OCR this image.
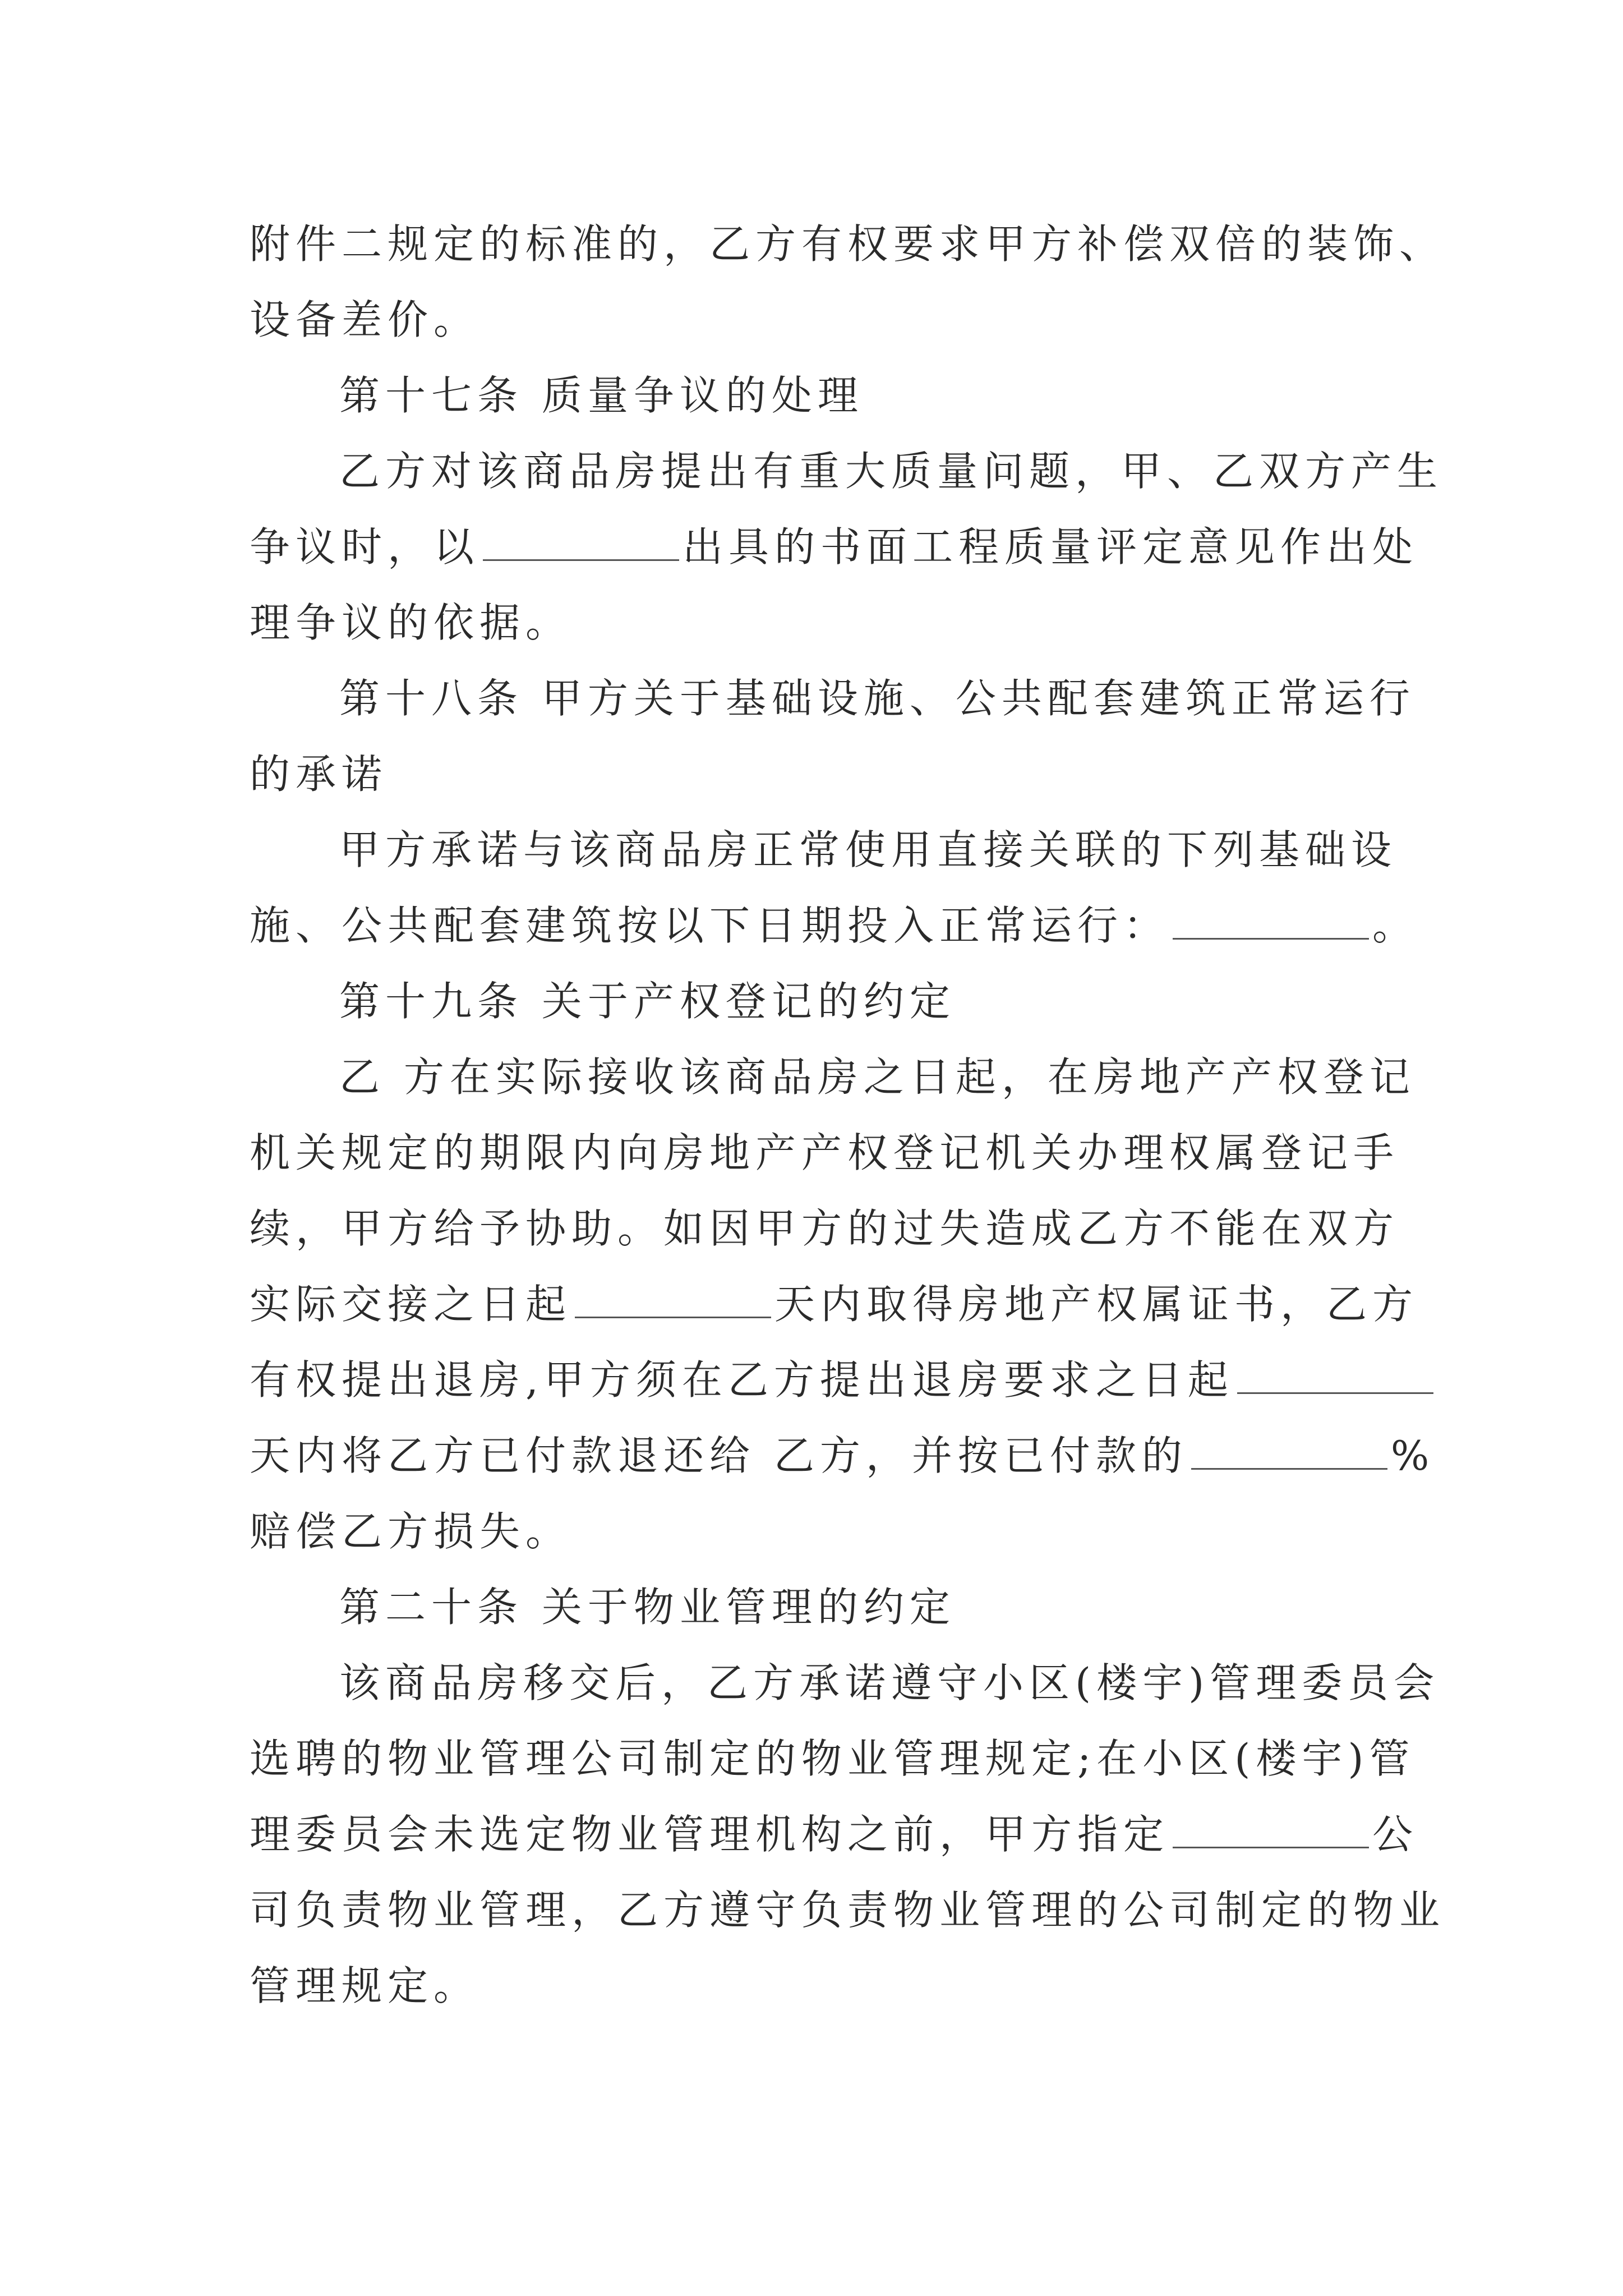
附件二规定的标准的，乙方有权要求甲方补偿双倍的装饰、
设备差价。
第十七条 质量争议的处理
乙方对该商品房提出有重大质量问题，甲、乙双方产生
争议时，以	出具的书面工程质量评定意见作出处
理争议的依据。
第十八条 甲方关于基础设施、公共配套建筑正常运行
的承诺
甲方承诺与该商品房正常使用直接关联的下列基础设
施、公共配套建筑按以下日期投入正常运行：	。
第十九条 关于产权登记的约定
乙 方在实际接收该商品房之日起，在房地产产权登记
机关规定的期限内向房地产产权登记机关办理权属登记手
续，甲方给予协助。如因甲方的过失造成乙方不能在双方
实际交接之日起	天内取得房地产权属证书，乙方
有权提出退房,甲方须在乙方提出退房要求之日起
天内将乙方已付款退还给 乙方，并按已付款的	%
赔偿乙方损失。
第二十条 关于物业管理的约定
该商品房移交后，乙方承诺遵守小区(楼宇)管理委员会
选聘的物业管理公司制定的物业管理规定;在小区(楼宇)管
理委员会未选定物业管理机构之前，甲方指定	公
司负责物业管理，乙方遵守负责物业管理的公司制定的物业
管理规定。
